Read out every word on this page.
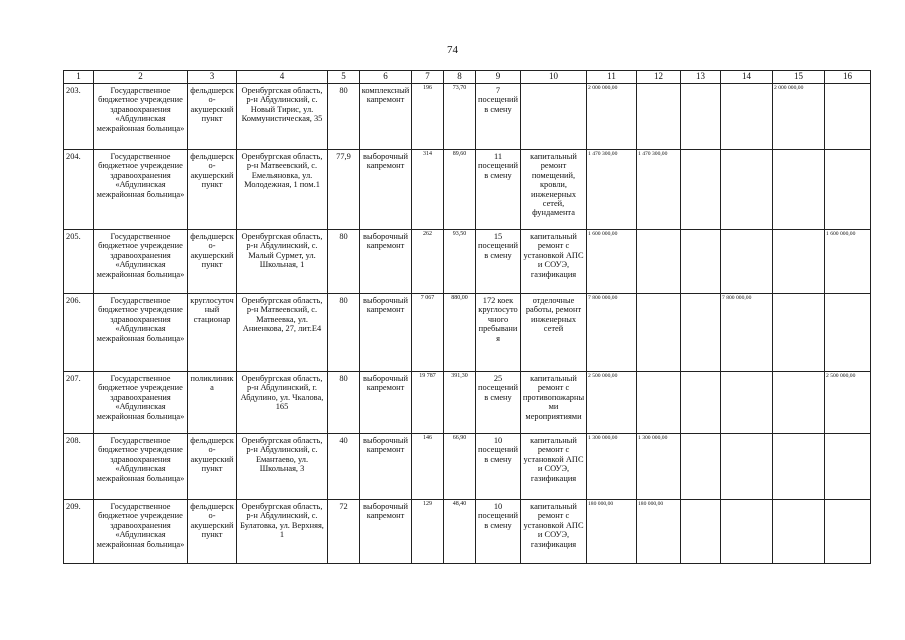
74
1	2	3	4	5	6	7	8	9	10	11	12	13	14	15	16
203.	Государственное бюджетное учреждение здравоохранения «Абдулинская межрайонная больница»	фельдшерско-акушерский пункт	Оренбургская область, р-н Абдулинский, с. Новый Тирис, ул. Коммунистическая, 35	80	комплексный капремонт	196	73,70	7 посещений в смену		2 000 000,00				2 000 000,00	
204.	Государственное бюджетное учреждение здравоохранения «Абдулинская межрайонная больница»	фельдшерско-акушерский пункт	Оренбургская область, р-н Матвеевский, с. Емельяновка, ул. Молодежная, 1 пом.1	77,9	выборочный капремонт	314	89,60	11 посещений в смену	капитальный ремонт помещений, кровли, инженерных сетей, фундамента	1 470 300,00	1 470 300,00				
205.	Государственное бюджетное учреждение здравоохранения «Абдулинская межрайонная больница»	фельдшерско-акушерский пункт	Оренбургская область, р-н Абдулинский, с. Малый Сурмет, ул. Школьная, 1	80	выборочный капремонт	262	93,50	15 посещений в смену	капитальный ремонт с установкой АПС и СОУЭ, газификация	1 600 000,00					1 600 000,00
206.	Государственное бюджетное учреждение здравоохранения «Абдулинская межрайонная больница»	круглосуточный стационар	Оренбургская область, р-н Матвеевский, с. Матвеевка, ул. Аниенкова, 27, лит.Е4	80	выборочный капремонт	7 067	880,00	172 коек круглосуточного пребывания	отделочные работы, ремонт инженерных сетей	7 800 000,00			7 800 000,00		
207.	Государственное бюджетное учреждение здравоохранения «Абдулинская межрайонная больница»	поликлиника	Оренбургская область, р-н Абдулинский, г. Абдулино, ул. Чкалова, 165	80	выборочный капремонт	19 787	391,30	25 посещений в смену	капитальный ремонт с противопожарными мероприятиями	2 500 000,00					2 500 000,00
208.	Государственное бюджетное учреждение здравоохранения «Абдулинская межрайонная больница»	фельдшерско-акушерский пункт	Оренбургская область, р-н Абдулинский, с. Емантаево, ул. Школьная, 3	40	выборочный капремонт	146	66,90	10 посещений в смену	капитальный ремонт с установкой АПС и СОУЭ, газификация	1 300 000,00	1 300 000,00				
209.	Государственное бюджетное учреждение здравоохранения «Абдулинская межрайонная больница»	фельдшерско-акушерский пункт	Оренбургская область, р-н Абдулинский, с. Булатовка, ул. Верхняя, 1	72	выборочный капремонт	129	48,40	10 посещений в смену	капитальный ремонт с установкой АПС и СОУЭ, газификация	180 000,00	180 000,00				
